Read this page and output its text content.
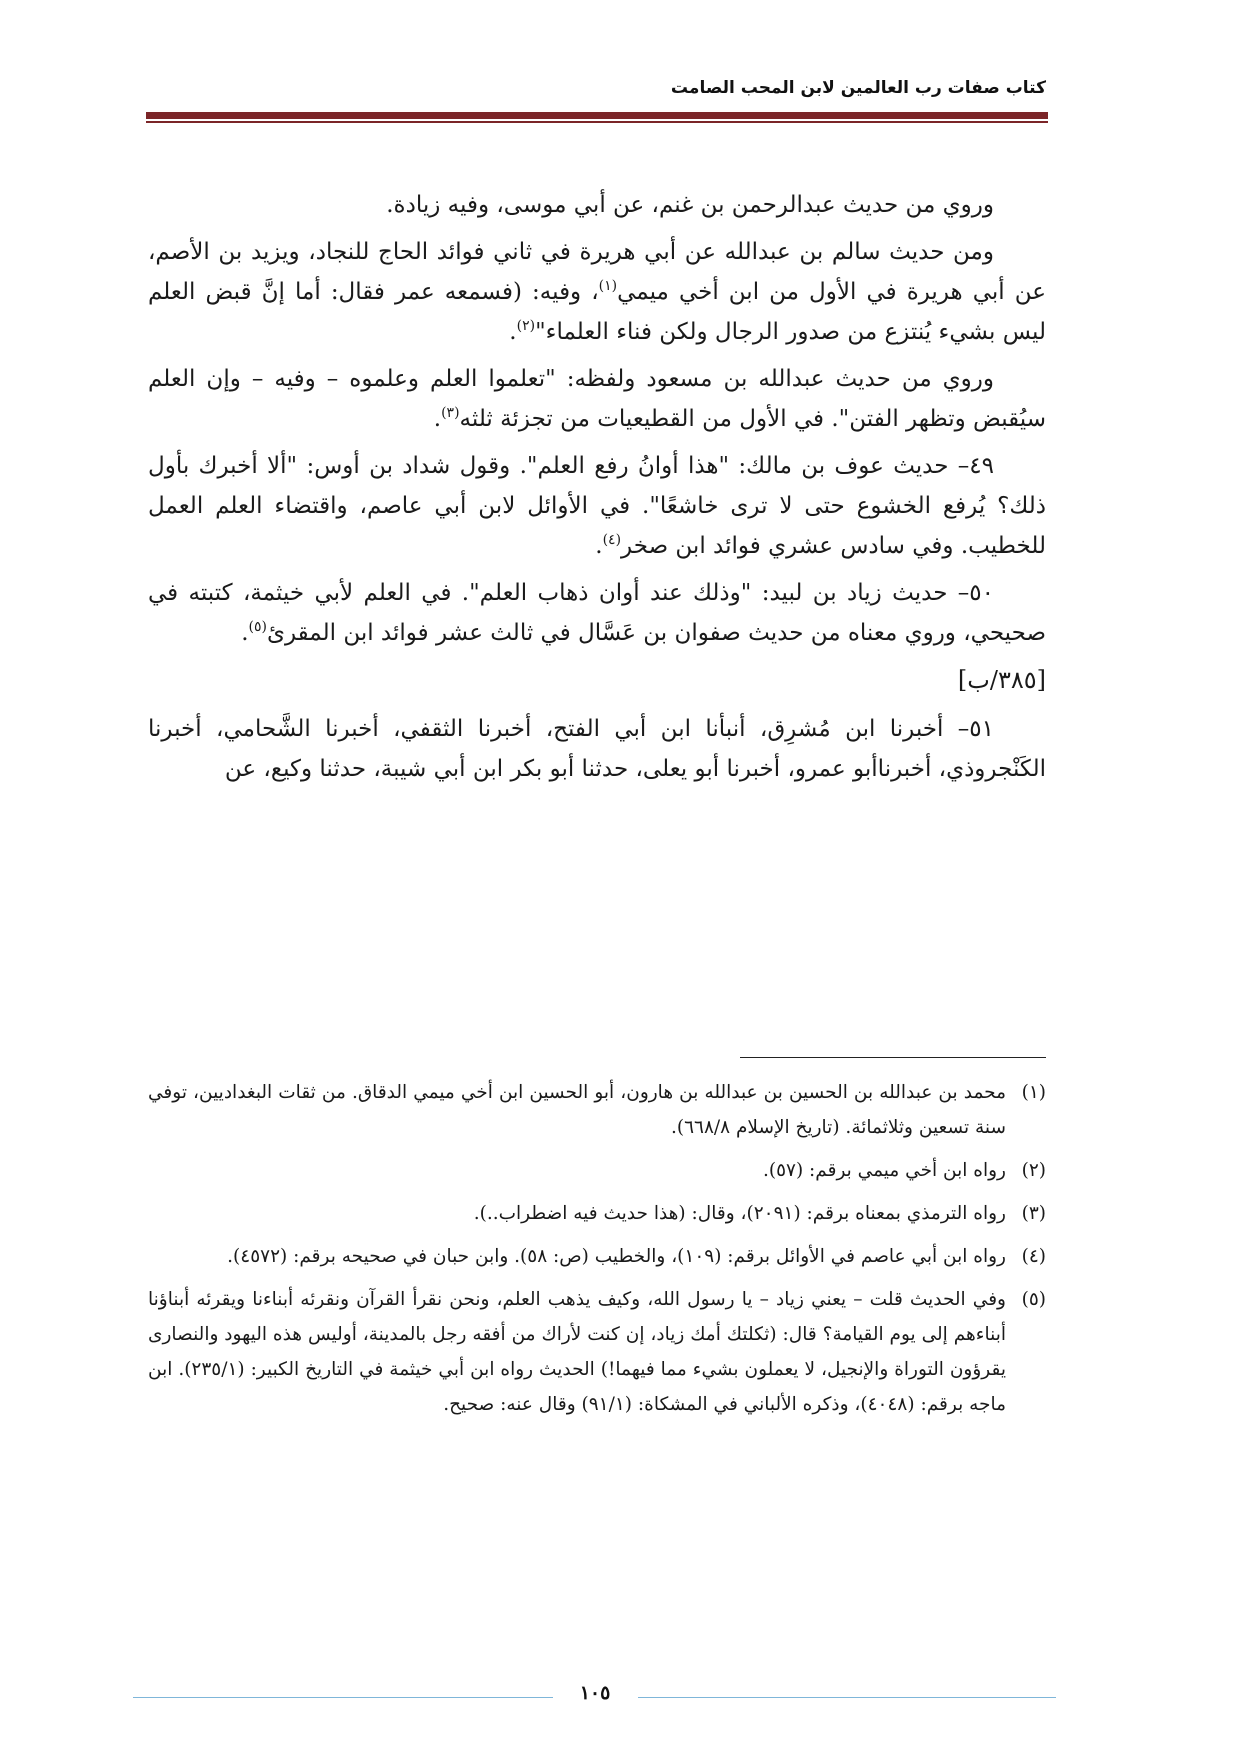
كتاب صفات رب العالمين لابن المحب الصامت

وروي من حديث عبدالرحمن بن غنم، عن أبي موسى، وفيه زيادة.

ومن حديث سالم بن عبدالله عن أبي هريرة في ثاني فوائد الحاج للنجاد، ويزيد بن الأصم، عن أبي هريرة في الأول من ابن أخي ميمي$^{(١)}$، وفيه: (فسمعه عمر فقال: أما إنَّ قبض العلم ليس بشيء يُنتزع من صدور الرجال ولكن فناء العلماء"$^{(٢)}$.

وروي من حديث عبدالله بن مسعود ولفظه: "تعلموا العلم وعلموه – وفيه – وإن العلم سيُقبض وتظهر الفتن". في الأول من القطيعيات من تجزئة ثلثه$^{(٣)}$.

٤٩– حديث عوف بن مالك: "هذا أوانُ رفع العلم". وقول شداد بن أوس: "ألا أخبرك بأول ذلك؟ يُرفع الخشوع حتى لا ترى خاشعًا". في الأوائل لابن أبي عاصم، واقتضاء العلم العمل للخطيب. وفي سادس عشري فوائد ابن صخر$^{(٤)}$.

٥٠– حديث زياد بن لبيد: "وذلك عند أوان ذهاب العلم". في العلم لأبي خيثمة، كتبته في صحيحي، وروي معناه من حديث صفوان بن عَسَّال في ثالث عشر فوائد ابن المقرئ$^{(٥)}$.

[٣٨٥/ب]

٥١– أخبرنا ابن مُشرِق، أنبأنا ابن أبي الفتح، أخبرنا الثقفي، أخبرنا الشَّحامي، أخبرنا الكَنْجروذي، أخبرناأبو عمرو، أخبرنا أبو يعلى، حدثنا أبو بكر ابن أبي شيبة، حدثنا وكيع، عن

(١)
محمد بن عبدالله بن الحسين بن عبدالله بن هارون، أبو الحسين ابن أخي ميمي الدقاق. من ثقات البغداديين، توفي سنة تسعين وثلاثمائة. (تاريخ الإسلام ٦٦٨/٨).
(٢)
رواه ابن أخي ميمي برقم: (٥٧).
(٣)
رواه الترمذي بمعناه برقم: (٢٠٩١)، وقال: (هذا حديث فيه اضطراب..).
(٤)
رواه ابن أبي عاصم في الأوائل برقم: (١٠٩)، والخطيب (ص: ٥٨). وابن حبان في صحيحه برقم: (٤٥٧٢).
(٥)
وفي الحديث قلت – يعني زياد – يا رسول الله، وكيف يذهب العلم، ونحن نقرأ القرآن ونقرئه أبناءنا ويقرئه أبناؤنا أبناءهم إلى يوم القيامة؟ قال: (ثكلتك أمك زياد، إن كنت لأراك من أفقه رجل بالمدينة، أوليس هذه اليهود والنصارى يقرؤون التوراة والإنجيل، لا يعملون بشيء مما فيهما!) الحديث رواه ابن أبي خيثمة في التاريخ الكبير: (٢٣٥/١). ابن ماجه برقم: (٤٠٤٨)، وذكره الألباني في المشكاة: (٩١/١) وقال عنه: صحيح.
١٠٥
